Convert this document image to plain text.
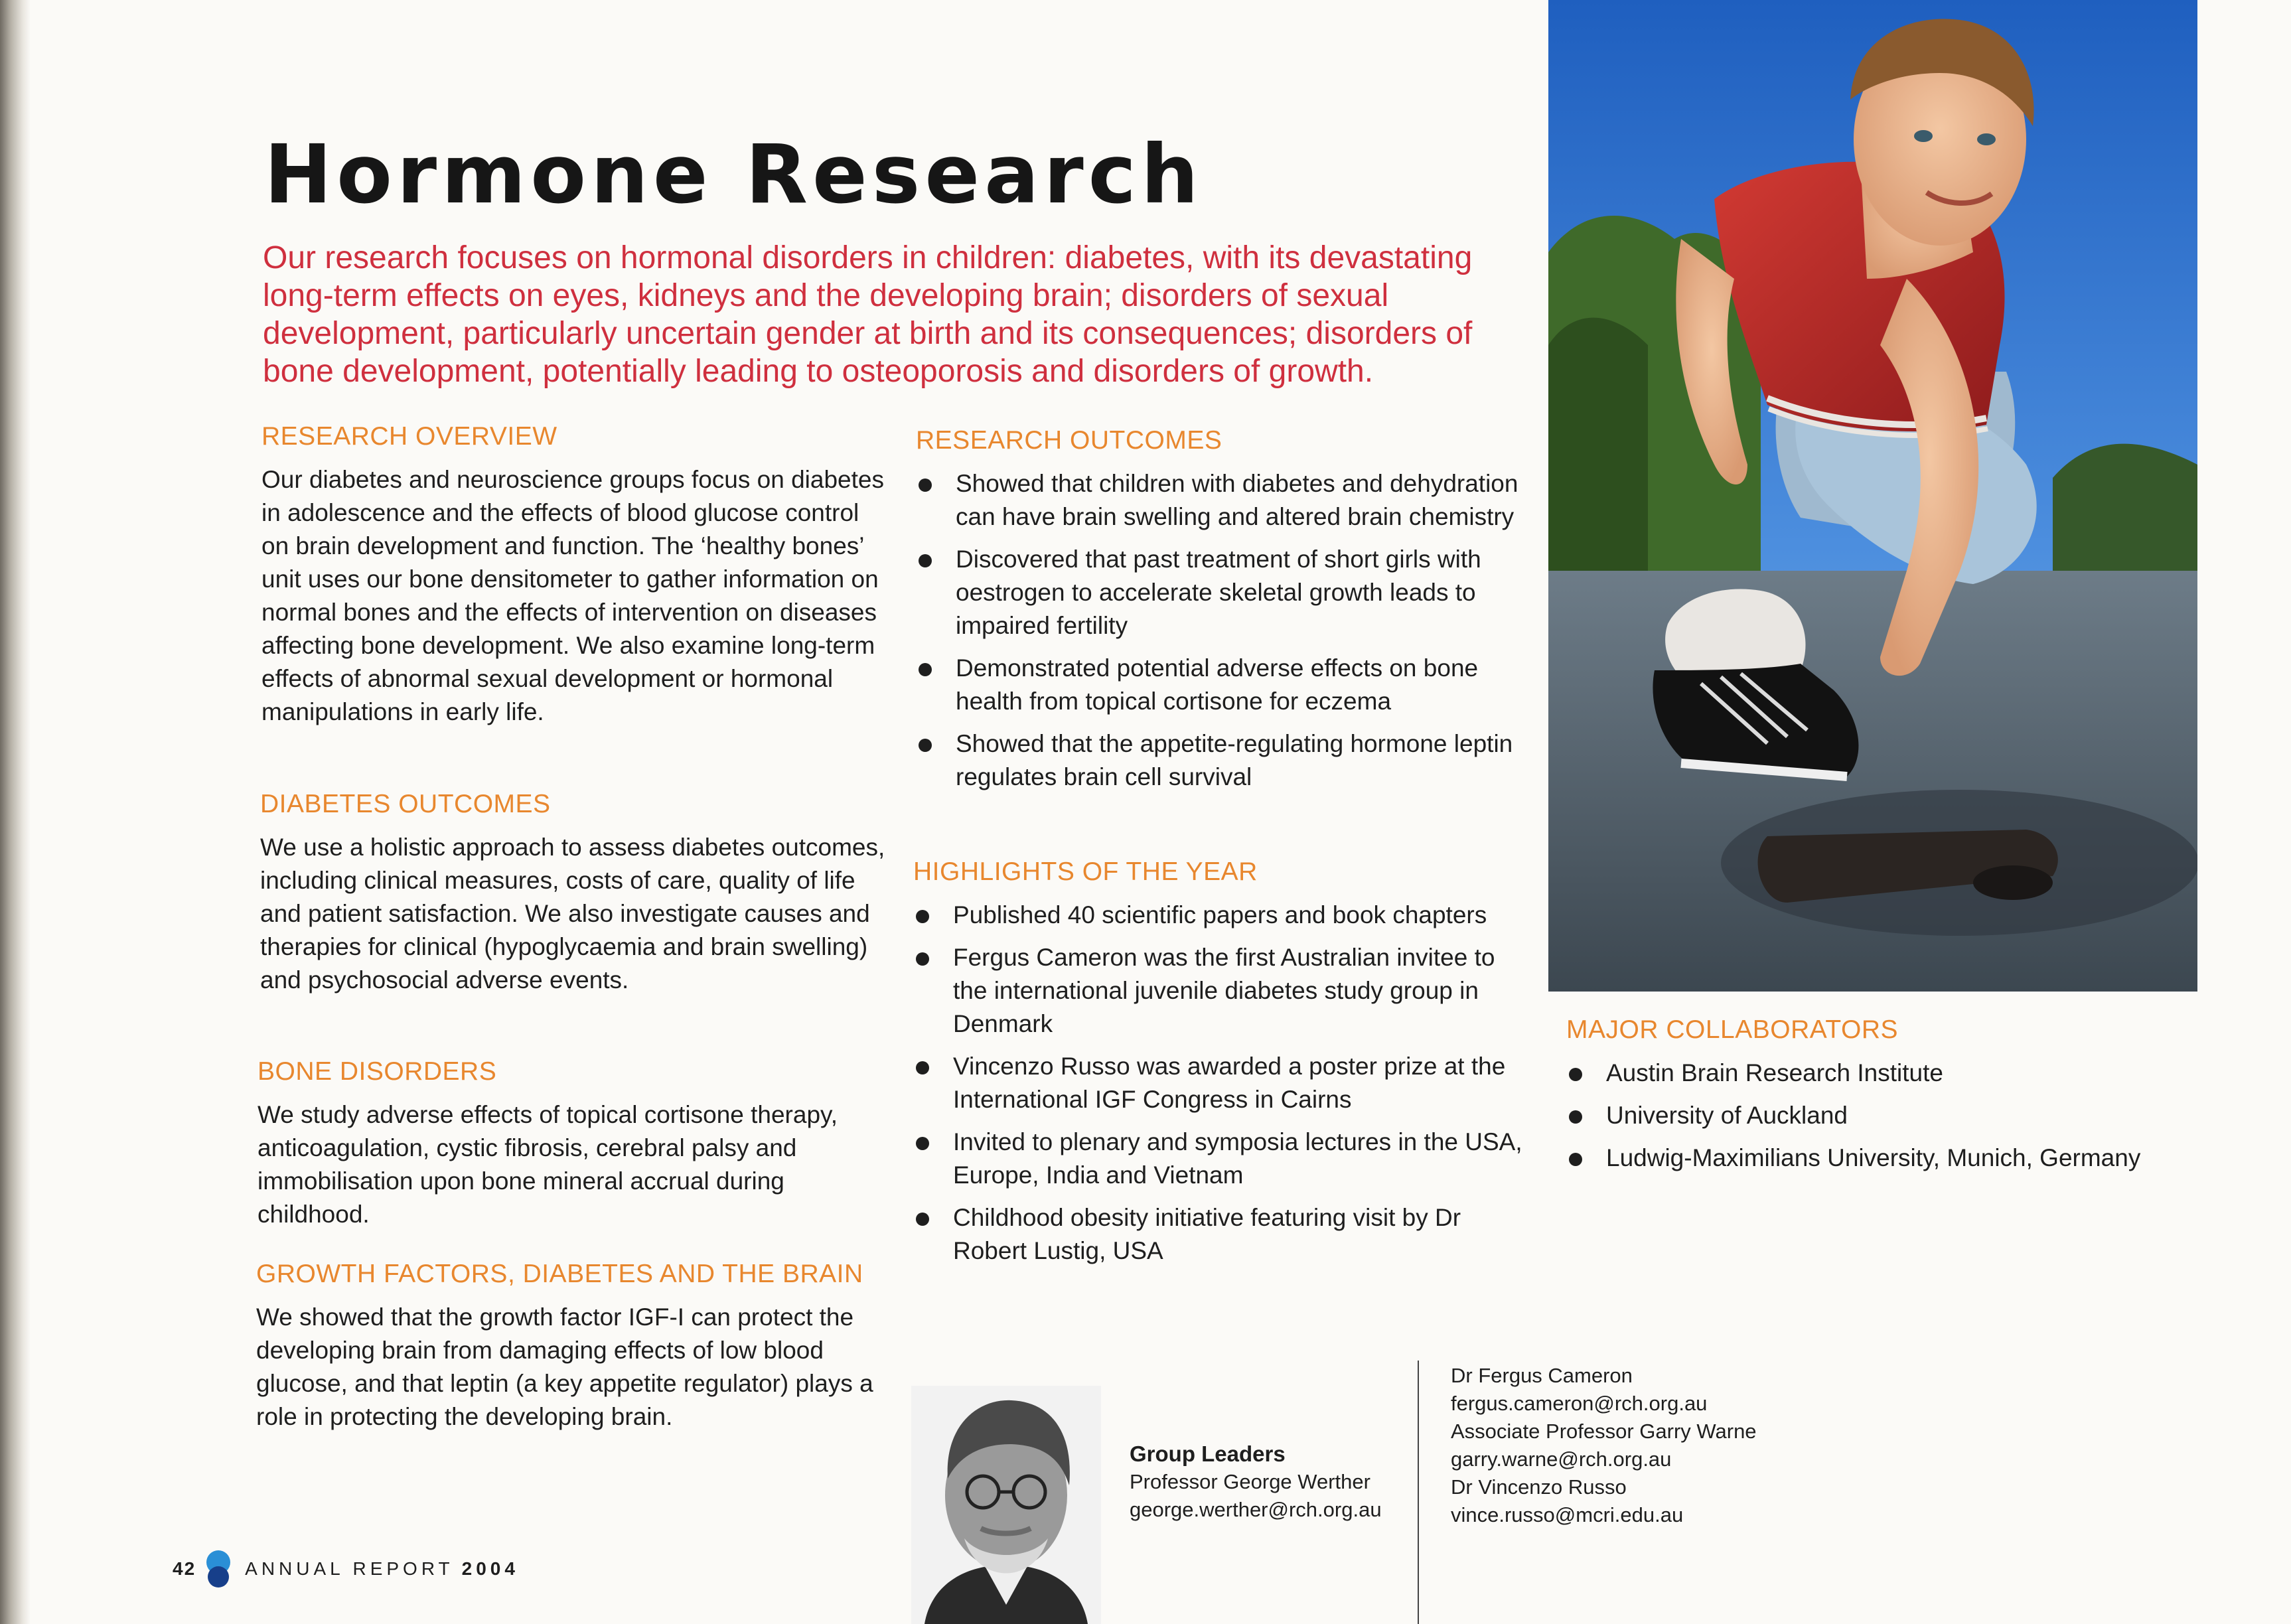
Hormone Research
Our research focuses on hormonal disorders in children: diabetes, with its devastating long-term effects on eyes, kidneys and the developing brain; disorders of sexual development, particularly uncertain gender at birth and its consequences; disorders of bone development, potentially leading to osteoporosis and disorders of growth.
RESEARCH OVERVIEW

Our diabetes and neuroscience groups focus on diabetes in adolescence and the effects of blood glucose control on brain development and function. The ‘healthy bones’ unit uses our bone densitometer to gather information on normal bones and the effects of intervention on diseases affecting bone development. We also examine long-term effects of abnormal sexual development or hormonal manipulations in early life.

DIABETES OUTCOMES

We use a holistic approach to assess diabetes outcomes, including clinical measures, costs of care, quality of life and patient satisfaction. We also investigate causes and therapies for clinical (hypoglycaemia and brain swelling) and psychosocial adverse events.

BONE DISORDERS

We study adverse effects of topical cortisone therapy, anticoagulation, cystic fibrosis, cerebral palsy and immobilisation upon bone mineral accrual during childhood.

GROWTH FACTORS, DIABETES AND THE BRAIN

We showed that the growth factor IGF-I can protect the developing brain from damaging effects of low blood glucose, and that leptin (a key appetite regulator) plays a role in protecting the developing brain.

RESEARCH OUTCOMES
Showed that children with diabetes and dehydration can have brain swelling and altered brain chemistry
Discovered that past treatment of short girls with oestrogen to accelerate skeletal growth leads to impaired fertility
Demonstrated potential adverse effects on bone health from topical cortisone for eczema
Showed that the appetite-regulating hormone leptin regulates brain cell survival
HIGHLIGHTS OF THE YEAR
Published 40 scientific papers and book chapters
Fergus Cameron was the first Australian invitee to the international juvenile diabetes study group in Denmark
Vincenzo Russo was awarded a poster prize at the International IGF Congress in Cairns
Invited to plenary and symposia lectures in the USA, Europe, India and Vietnam
Childhood obesity initiative featuring visit by Dr Robert Lustig, USA
MAJOR COLLABORATORS
Austin Brain Research Institute
University of Auckland
Ludwig-Maximilians University, Munich, Germany
Group Leaders
Professor George Werther
george.werther@rch.org.au
Dr Fergus Cameron
fergus.cameron@rch.org.au
Associate Professor Garry Warne
garry.warne@rch.org.au
Dr Vincenzo Russo
vince.russo@mcri.edu.au
42	ANNUAL REPORT 2004
